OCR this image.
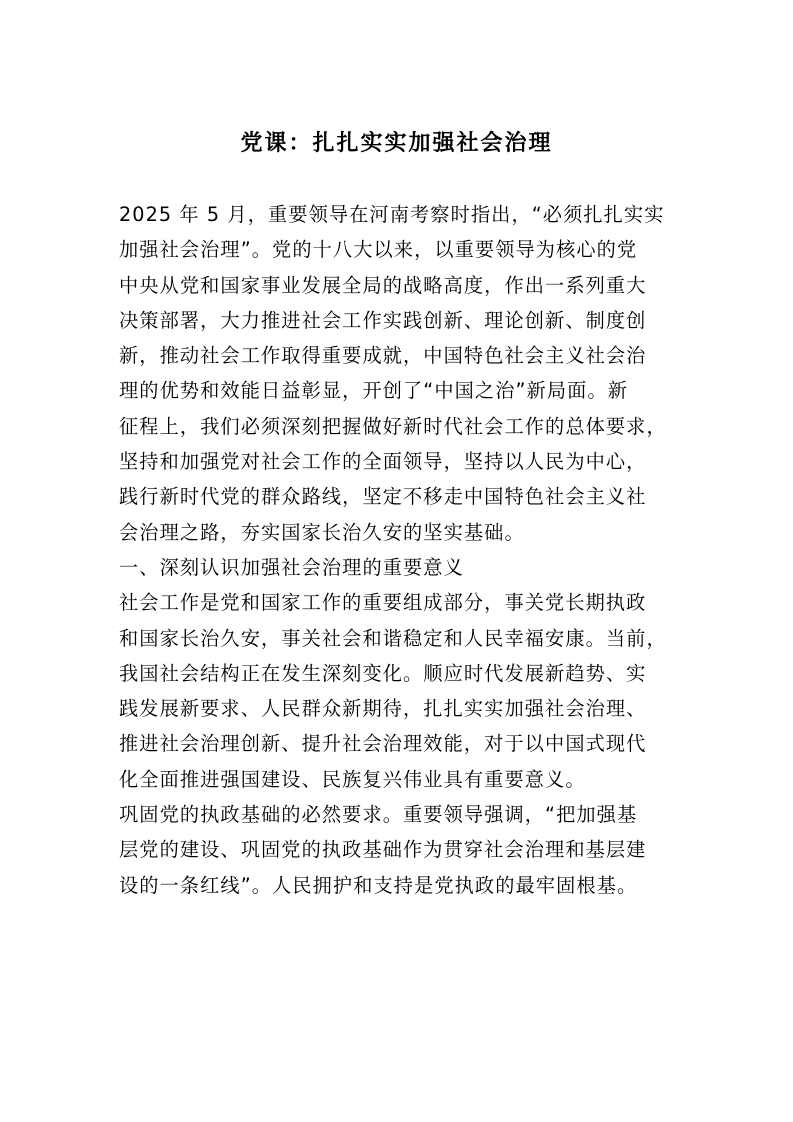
党课：扎扎实实加强社会治理
2025 年 5 月，重要领导在河南考察时指出，“必须扎扎实实
加强社会治理”。党的十八大以来，以重要领导为核心的党
中央从党和国家事业发展全局的战略高度，作出一系列重大
决策部署，大力推进社会工作实践创新、理论创新、制度创
新，推动社会工作取得重要成就，中国特色社会主义社会治
理的优势和效能日益彰显，开创了“中国之治”新局面。新
征程上，我们必须深刻把握做好新时代社会工作的总体要求，
坚持和加强党对社会工作的全面领导，坚持以人民为中心，
践行新时代党的群众路线，坚定不移走中国特色社会主义社
会治理之路，夯实国家长治久安的坚实基础。
一、深刻认识加强社会治理的重要意义
社会工作是党和国家工作的重要组成部分，事关党长期执政
和国家长治久安，事关社会和谐稳定和人民幸福安康。当前，
我国社会结构正在发生深刻变化。顺应时代发展新趋势、实
践发展新要求、人民群众新期待，扎扎实实加强社会治理、
推进社会治理创新、提升社会治理效能，对于以中国式现代
化全面推进强国建设、民族复兴伟业具有重要意义。
巩固党的执政基础的必然要求。重要领导强调，“把加强基
层党的建设、巩固党的执政基础作为贯穿社会治理和基层建
设的一条红线”。人民拥护和支持是党执政的最牢固根基。
